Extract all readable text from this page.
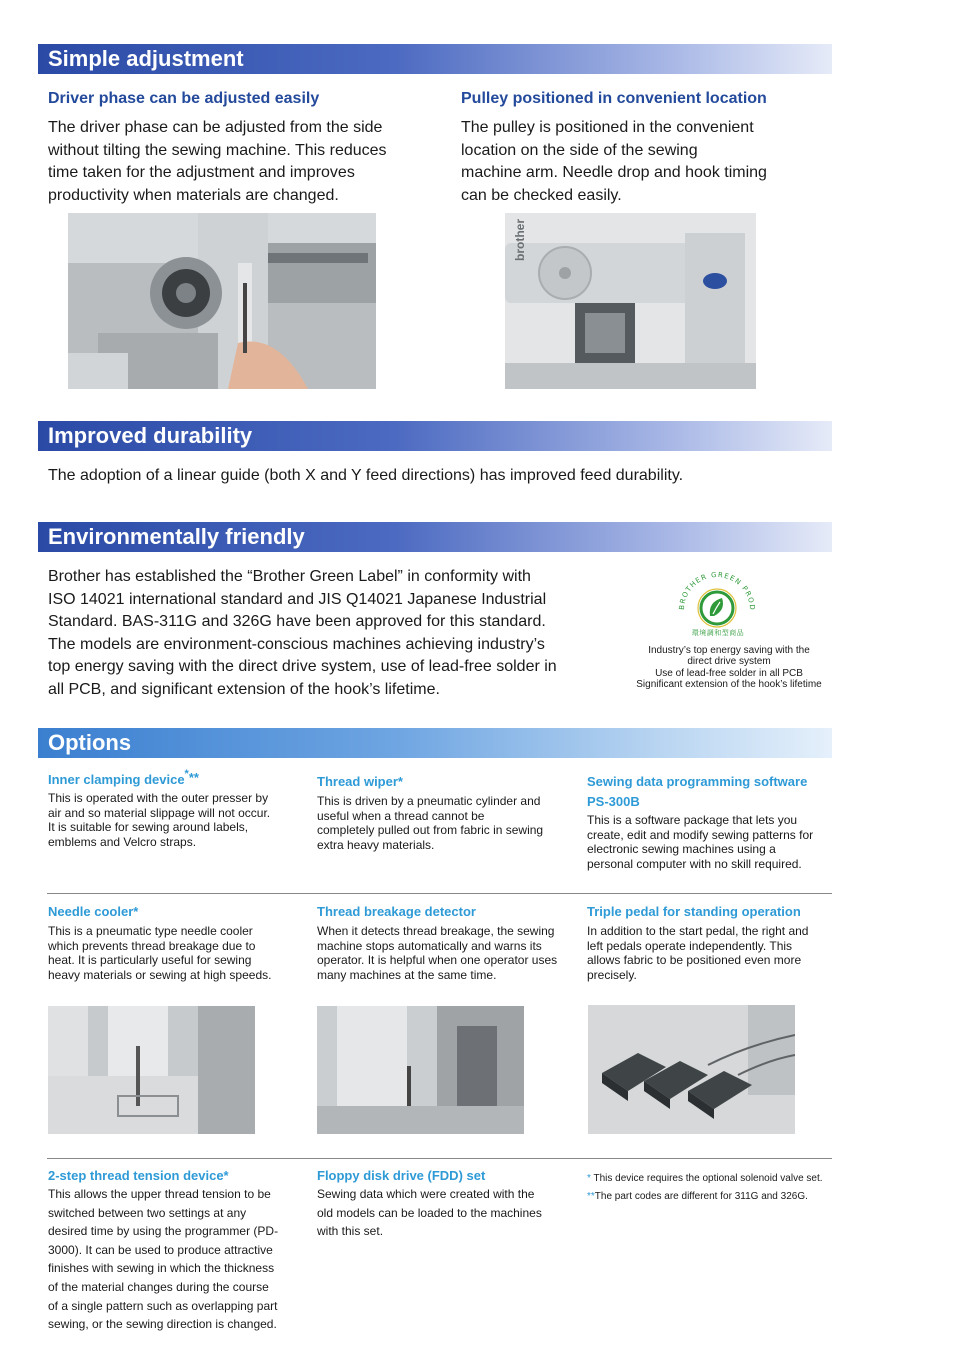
Simple adjustment
Driver phase can be adjusted easily
The driver phase can be adjusted from the side
without tilting the sewing machine. This reduces
time taken for the adjustment and improves
productivity when materials are changed.
Pulley positioned in convenient location
The pulley is positioned in the convenient
location on the side of the sewing
machine arm. Needle drop and hook timing
can be checked easily.
brother
Improved durability
The adoption of a linear guide (both X and Y feed directions) has improved feed durability.
Environmentally friendly
Brother has established the “Brother Green Label” in conformity with
ISO 14021 international standard and JIS Q14021 Japanese Industrial
Standard. BAS-311G and 326G have been approved for this standard.
The models are environment-conscious machines achieving industry’s
top energy saving with the direct drive system, use of lead-free solder in
all PCB, and significant extension of the hook’s lifetime.
BROTHER GREEN PROD
環境調和型商品
Industry’s top energy saving with the
direct drive system
Use of lead-free solder in all PCB
Significant extension of the hook’s lifetime
Options
Inner clamping device***
This is operated with the outer presser by
air and so material slippage will not occur.
It is suitable for sewing around labels,
emblems and Velcro straps.
Thread wiper*
This is driven by a pneumatic cylinder and
useful when a thread cannot be
completely pulled out from fabric in sewing
extra heavy materials.
Sewing data programming software
PS-300B
This is a software package that lets you
create, edit and modify sewing patterns for
electronic sewing machines using a
personal computer with no skill required.
Needle cooler*
This is a pneumatic type needle cooler
which prevents thread breakage due to
heat. It is particularly useful for sewing
heavy materials or sewing at high speeds.
Thread breakage detector
When it detects thread breakage, the sewing
machine stops automatically and warns its
operator. It is helpful when one operator uses
many machines at the same time.
Triple pedal for standing operation
In addition to the start pedal, the right and
left pedals operate independently. This
allows fabric to be positioned even more
precisely.
2-step thread tension device*
This allows the upper thread tension to be
switched between two settings at any
desired time by using the programmer (PD-
3000). It can be used to produce attractive
finishes with sewing in which the thickness
of the material changes during the course
of a single pattern such as overlapping part
sewing, or the sewing direction is changed.
Floppy disk drive (FDD) set
Sewing data which were created with the
old models can be loaded to the machines
with this set.
* This device requires the optional solenoid valve set.
**The part codes are different for 311G and 326G.
